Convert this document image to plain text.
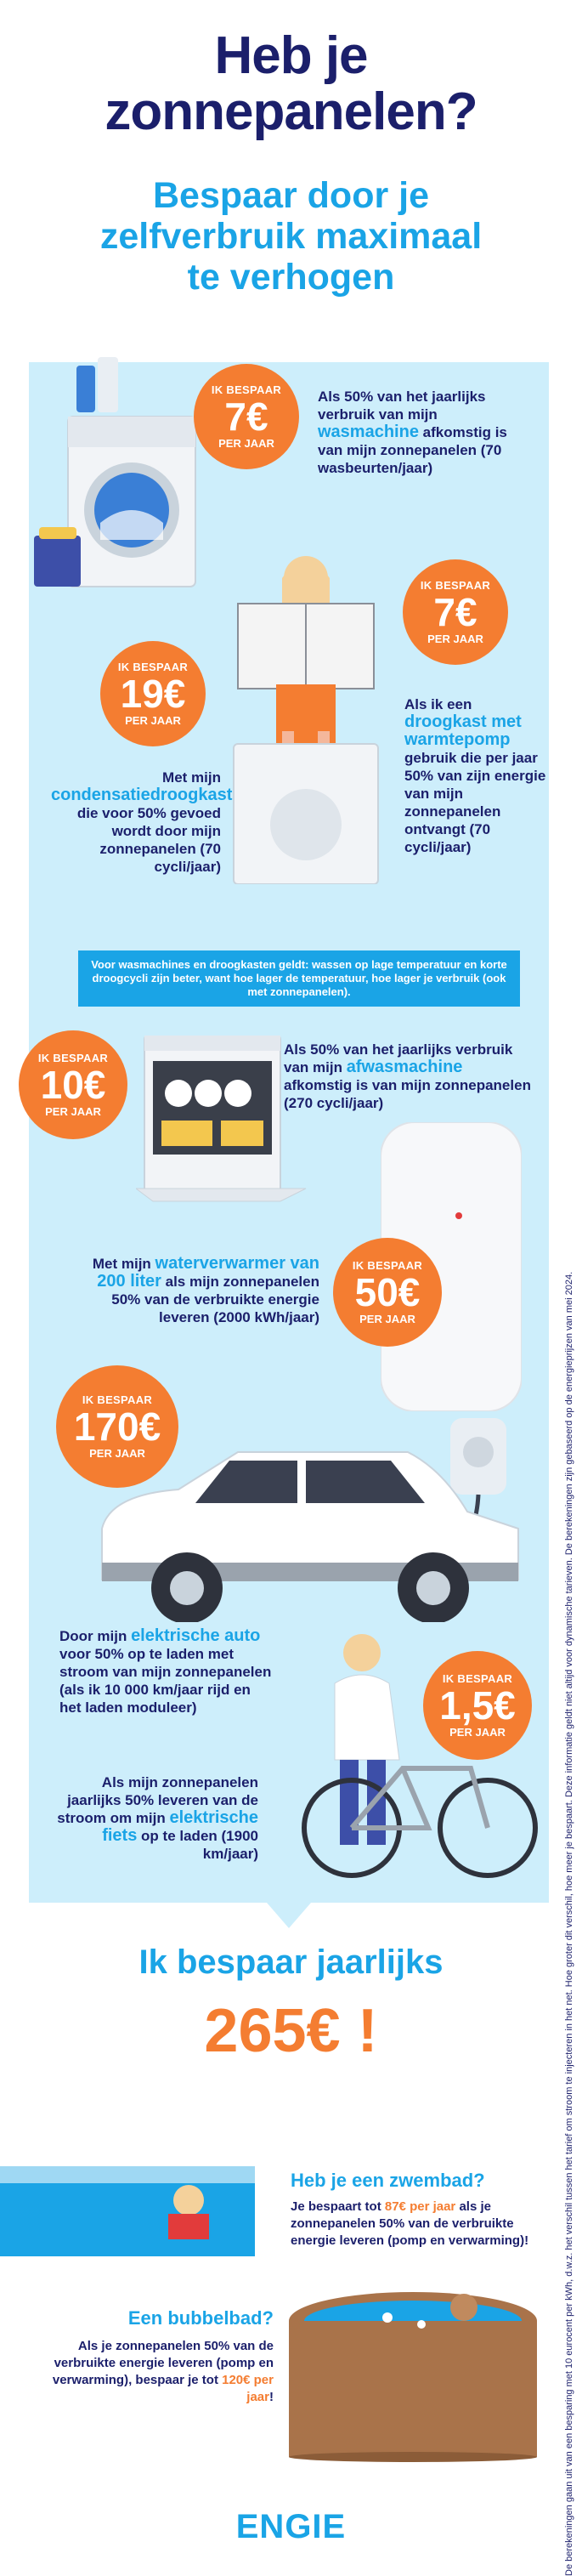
Heb je
zonnepanelen?
Bespaar door je
zelfverbruik maximaal
te verhogen
IK BESPAAR
7€
PER JAAR
Als 50% van het jaarlijks verbruik van mijn wasmachine afkomstig is van mijn zonnepanelen (70 wasbeurten/jaar)
IK BESPAAR
7€
PER JAAR
Als ik een droogkast met warmtepomp gebruik die per jaar 50% van zijn energie van mijn zonnepanelen ontvangt (70 cycli/jaar)
IK BESPAAR
19€
PER JAAR
Met mijn condensatiedroogkast die voor 50% gevoed wordt door mijn zonnepanelen (70 cycli/jaar)
Voor wasmachines en droogkasten geldt: wassen op lage temperatuur en korte droogcycli zijn beter, want hoe lager de temperatuur, hoe lager je verbruik (ook met zonnepanelen).
IK BESPAAR
10€
PER JAAR
Als 50% van het jaarlijks verbruik van mijn afwasmachine afkomstig is van mijn zonnepanelen (270 cycli/jaar)
Met mijn waterverwarmer van 200 liter als mijn zonnepanelen 50% van de verbruikte energie leveren (2000 kWh/jaar)
IK BESPAAR
50€
PER JAAR
IK BESPAAR
170€
PER JAAR
Door mijn elektrische auto voor 50% op te laden met stroom van mijn zonnepanelen (als ik 10 000 km/jaar rijd en het laden moduleer)
IK BESPAAR
1,5€
PER JAAR
Als mijn zonnepanelen jaarlijks 50% leveren van de stroom om mijn elektrische fiets op te laden (1900 km/jaar)
Ik bespaar jaarlijks
265€ !
Heb je een zwembad?
Je bespaart tot 87€ per jaar als je zonnepanelen 50% van de verbruikte energie leveren (pomp en verwarming)!
Een bubbelbad?
Als je zonnepanelen 50% van de verbruikte energie leveren (pomp en verwarming), bespaar je tot 120€ per jaar!
ENGIE	De berekeningen gaan uit van een besparing met 10 eurocent per kWh, d.w.z. het verschil tussen het tarief om stroom te injecteren in het net. Hoe groter dit verschil, hoe meer je bespaart. Deze informatie geldt niet altijd voor dynamische tarieven. De berekeningen zijn gebaseerd op de energieprijzen van mei 2024.
